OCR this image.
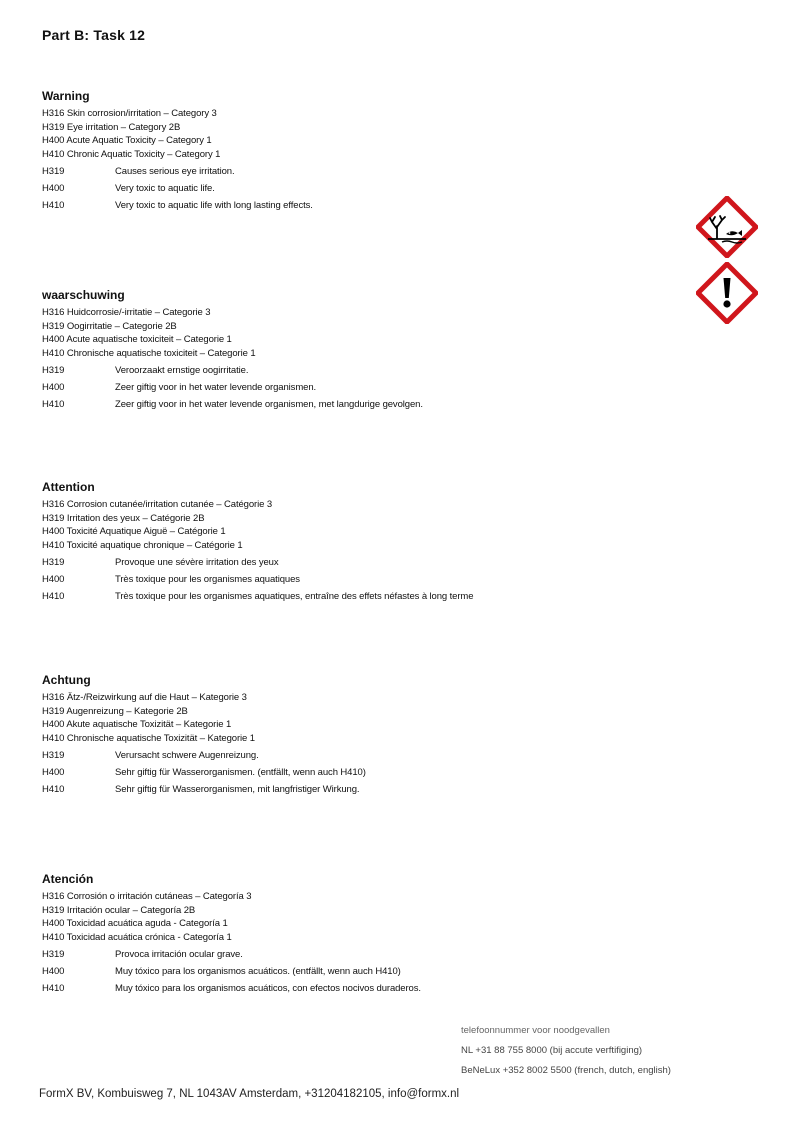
Part B: Task 12
Warning
H316 Skin corrosion/irritation – Category 3
H319 Eye irritation – Category 2B
H400 Acute Aquatic Toxicity – Category 1
H410 Chronic Aquatic Toxicity – Category 1
H319	Causes serious eye irritation.
H400	Very toxic to aquatic life.
H410	Very toxic to aquatic life with long lasting effects.
waarschuwing
H316 Huidcorrosie/-irritatie – Categorie 3
H319 Oogirritatie – Categorie 2B
H400 Acute aquatische toxiciteit – Categorie 1
H410 Chronische aquatische toxiciteit – Categorie 1
H319	Veroorzaakt ernstige oogirritatie.
H400	Zeer giftig voor in het water levende organismen.
H410	Zeer giftig voor in het water levende organismen, met langdurige gevolgen.
Attention
H316 Corrosion cutanée/irritation cutanée – Catégorie 3
H319 Irritation des yeux – Catégorie 2B
H400 Toxicité Aquatique Aiguë – Catégorie 1
H410 Toxicité aquatique chronique – Catégorie 1
H319	Provoque une sévère irritation des yeux
H400	Très toxique pour les organismes aquatiques
H410	Très toxique pour les organismes aquatiques, entraîne des effets néfastes à long terme
Achtung
H316 Ätz-/Reizwirkung auf die Haut – Kategorie 3
H319 Augenreizung – Kategorie 2B
H400 Akute aquatische Toxizität – Kategorie 1
H410 Chronische aquatische Toxizität – Kategorie 1
H319	Verursacht schwere Augenreizung.
H400	Sehr giftig für Wasserorganismen. (entfällt, wenn auch H410)
H410	Sehr giftig für Wasserorganismen, mit langfristiger Wirkung.
Atención
H316 Corrosión o irritación cutáneas – Categoría 3
H319 Irritación ocular – Categoría 2B
H400 Toxicidad acuática aguda - Categoría 1
H410 Toxicidad acuática crónica - Categoría 1
H319	Provoca irritación ocular grave.
H400	Muy tóxico para los organismos acuáticos. (entfällt, wenn auch H410)
H410	Muy tóxico para los organismos acuáticos, con efectos nocivos duraderos.
telefoonnummer voor noodgevallen
NL +31 88 755 8000 (bij accute verftifiging)
BeNeLux +352 8002 5500 (french, dutch, english)
FormX BV, Kombuisweg 7, NL 1043AV Amsterdam, +31204182105, info@formx.nl
